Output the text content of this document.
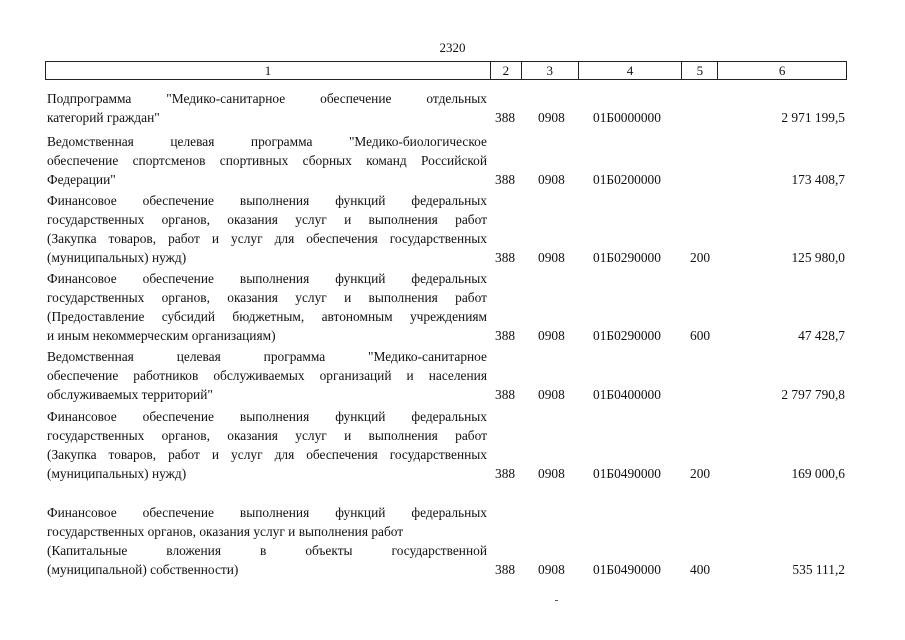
2320
1	2	3	4	5	6
Подпрограмма "Медико-санитарное обеспечение отдельных
категорий граждан"	388 0908 01Б0000000	2 971 199,5
Ведомственная целевая программа "Медико-биологическое
обеспечение спортсменов спортивных сборных команд Российской
Федерации"	388 0908 01Б0200000	173 408,7
Финансовое обеспечение выполнения функций федеральных
государственных органов, оказания услуг и выполнения работ
(Закупка товаров, работ и услуг для обеспечения государственных
(муниципальных) нужд)	388 0908 01Б0290000 200	125 980,0
Финансовое обеспечение выполнения функций федеральных
государственных органов, оказания услуг и выполнения работ
(Предоставление субсидий бюджетным, автономным учреждениям
и иным некоммерческим организациям)	388 0908 01Б0290000 600	47 428,7
Ведомственная целевая программа "Медико-санитарное
обеспечение работников обслуживаемых организаций и населения
обслуживаемых территорий"	388 0908 01Б0400000	2 797 790,8
Финансовое обеспечение выполнения функций федеральных
государственных органов, оказания услуг и выполнения работ
(Закупка товаров, работ и услуг для обеспечения государственных
(муниципальных) нужд)	388 0908 01Б0490000 200	169 000,6
Финансовое обеспечение выполнения функций федеральных
государственных органов, оказания услуг и выполнения работ
(Капитальные вложения в объекты государственной
(муниципальной) собственности)	388 0908 01Б0490000 400	535 111,2
